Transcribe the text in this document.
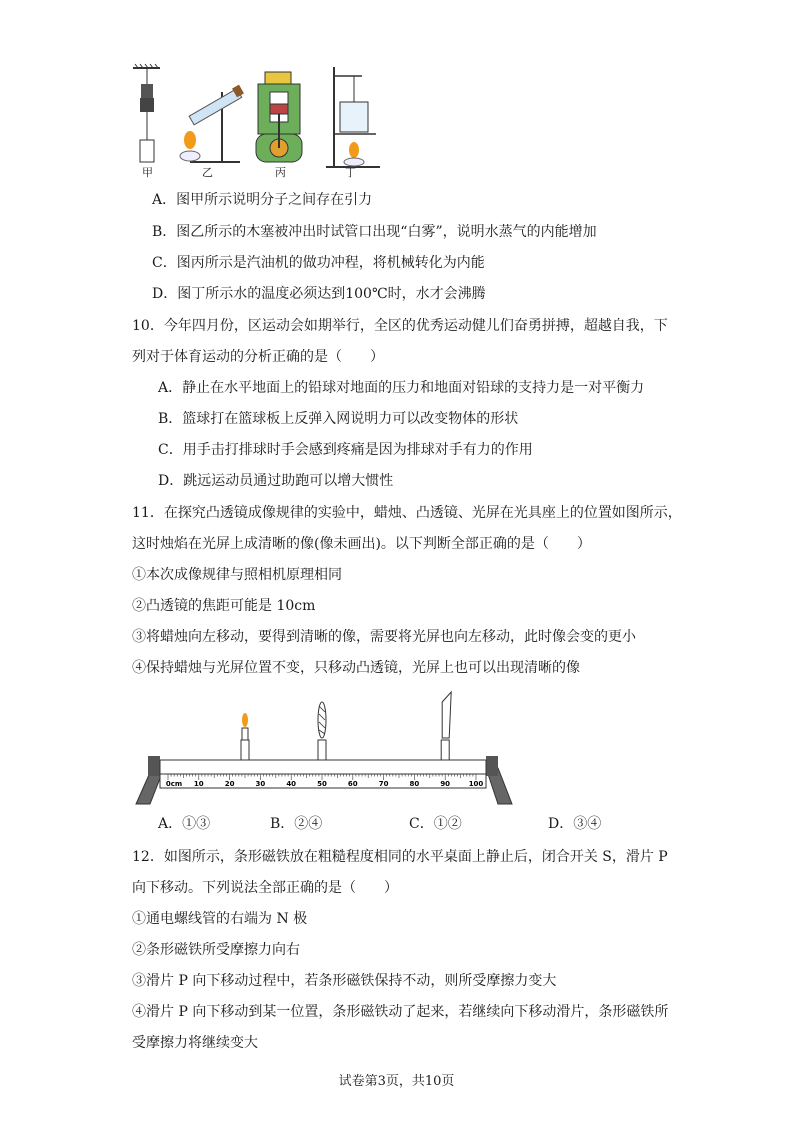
甲	乙	丙	丁
A．图甲所示说明分子之间存在引力
B．图乙所示的木塞被冲出时试管口出现“白雾”，说明水蒸气的内能增加
C．图丙所示是汽油机的做功冲程，将机械转化为内能
D．图丁所示水的温度必须达到100℃时，水才会沸腾
10．今年四月份，区运动会如期举行，全区的优秀运动健儿们奋勇拼搏，超越自我，下
列对于体育运动的分析正确的是（　　）
A．静止在水平地面上的铅球对地面的压力和地面对铅球的支持力是一对平衡力
B．篮球打在篮球板上反弹入网说明力可以改变物体的形状
C．用手击打排球时手会感到疼痛是因为排球对手有力的作用
D．跳远运动员通过助跑可以增大惯性
11．在探究凸透镜成像规律的实验中，蜡烛、凸透镜、光屏在光具座上的位置如图所示，
这时烛焰在光屏上成清晰的像(像未画出)。以下判断全部正确的是（　　）
①本次成像规律与照相机原理相同
②凸透镜的焦距可能是 10cm
③将蜡烛向左移动，要得到清晰的像，需要将光屏也向左移动，此时像会变的更小
④保持蜡烛与光屏位置不变，只移动凸透镜，光屏上也可以出现清晰的像
0cm 10	20	30	40	50	60	70	80	90	100
A．①③	B．②④	C．①②	D．③④
12．如图所示，条形磁铁放在粗糙程度相同的水平桌面上静止后，闭合开关 S，滑片 P
向下移动。下列说法全部正确的是（　　）
①通电螺线管的右端为 N 极
②条形磁铁所受摩擦力向右
③滑片 P 向下移动过程中，若条形磁铁保持不动，则所受摩擦力变大
④滑片 P 向下移动到某一位置，条形磁铁动了起来，若继续向下移动滑片，条形磁铁所
受摩擦力将继续变大
试卷第3页，共10页
